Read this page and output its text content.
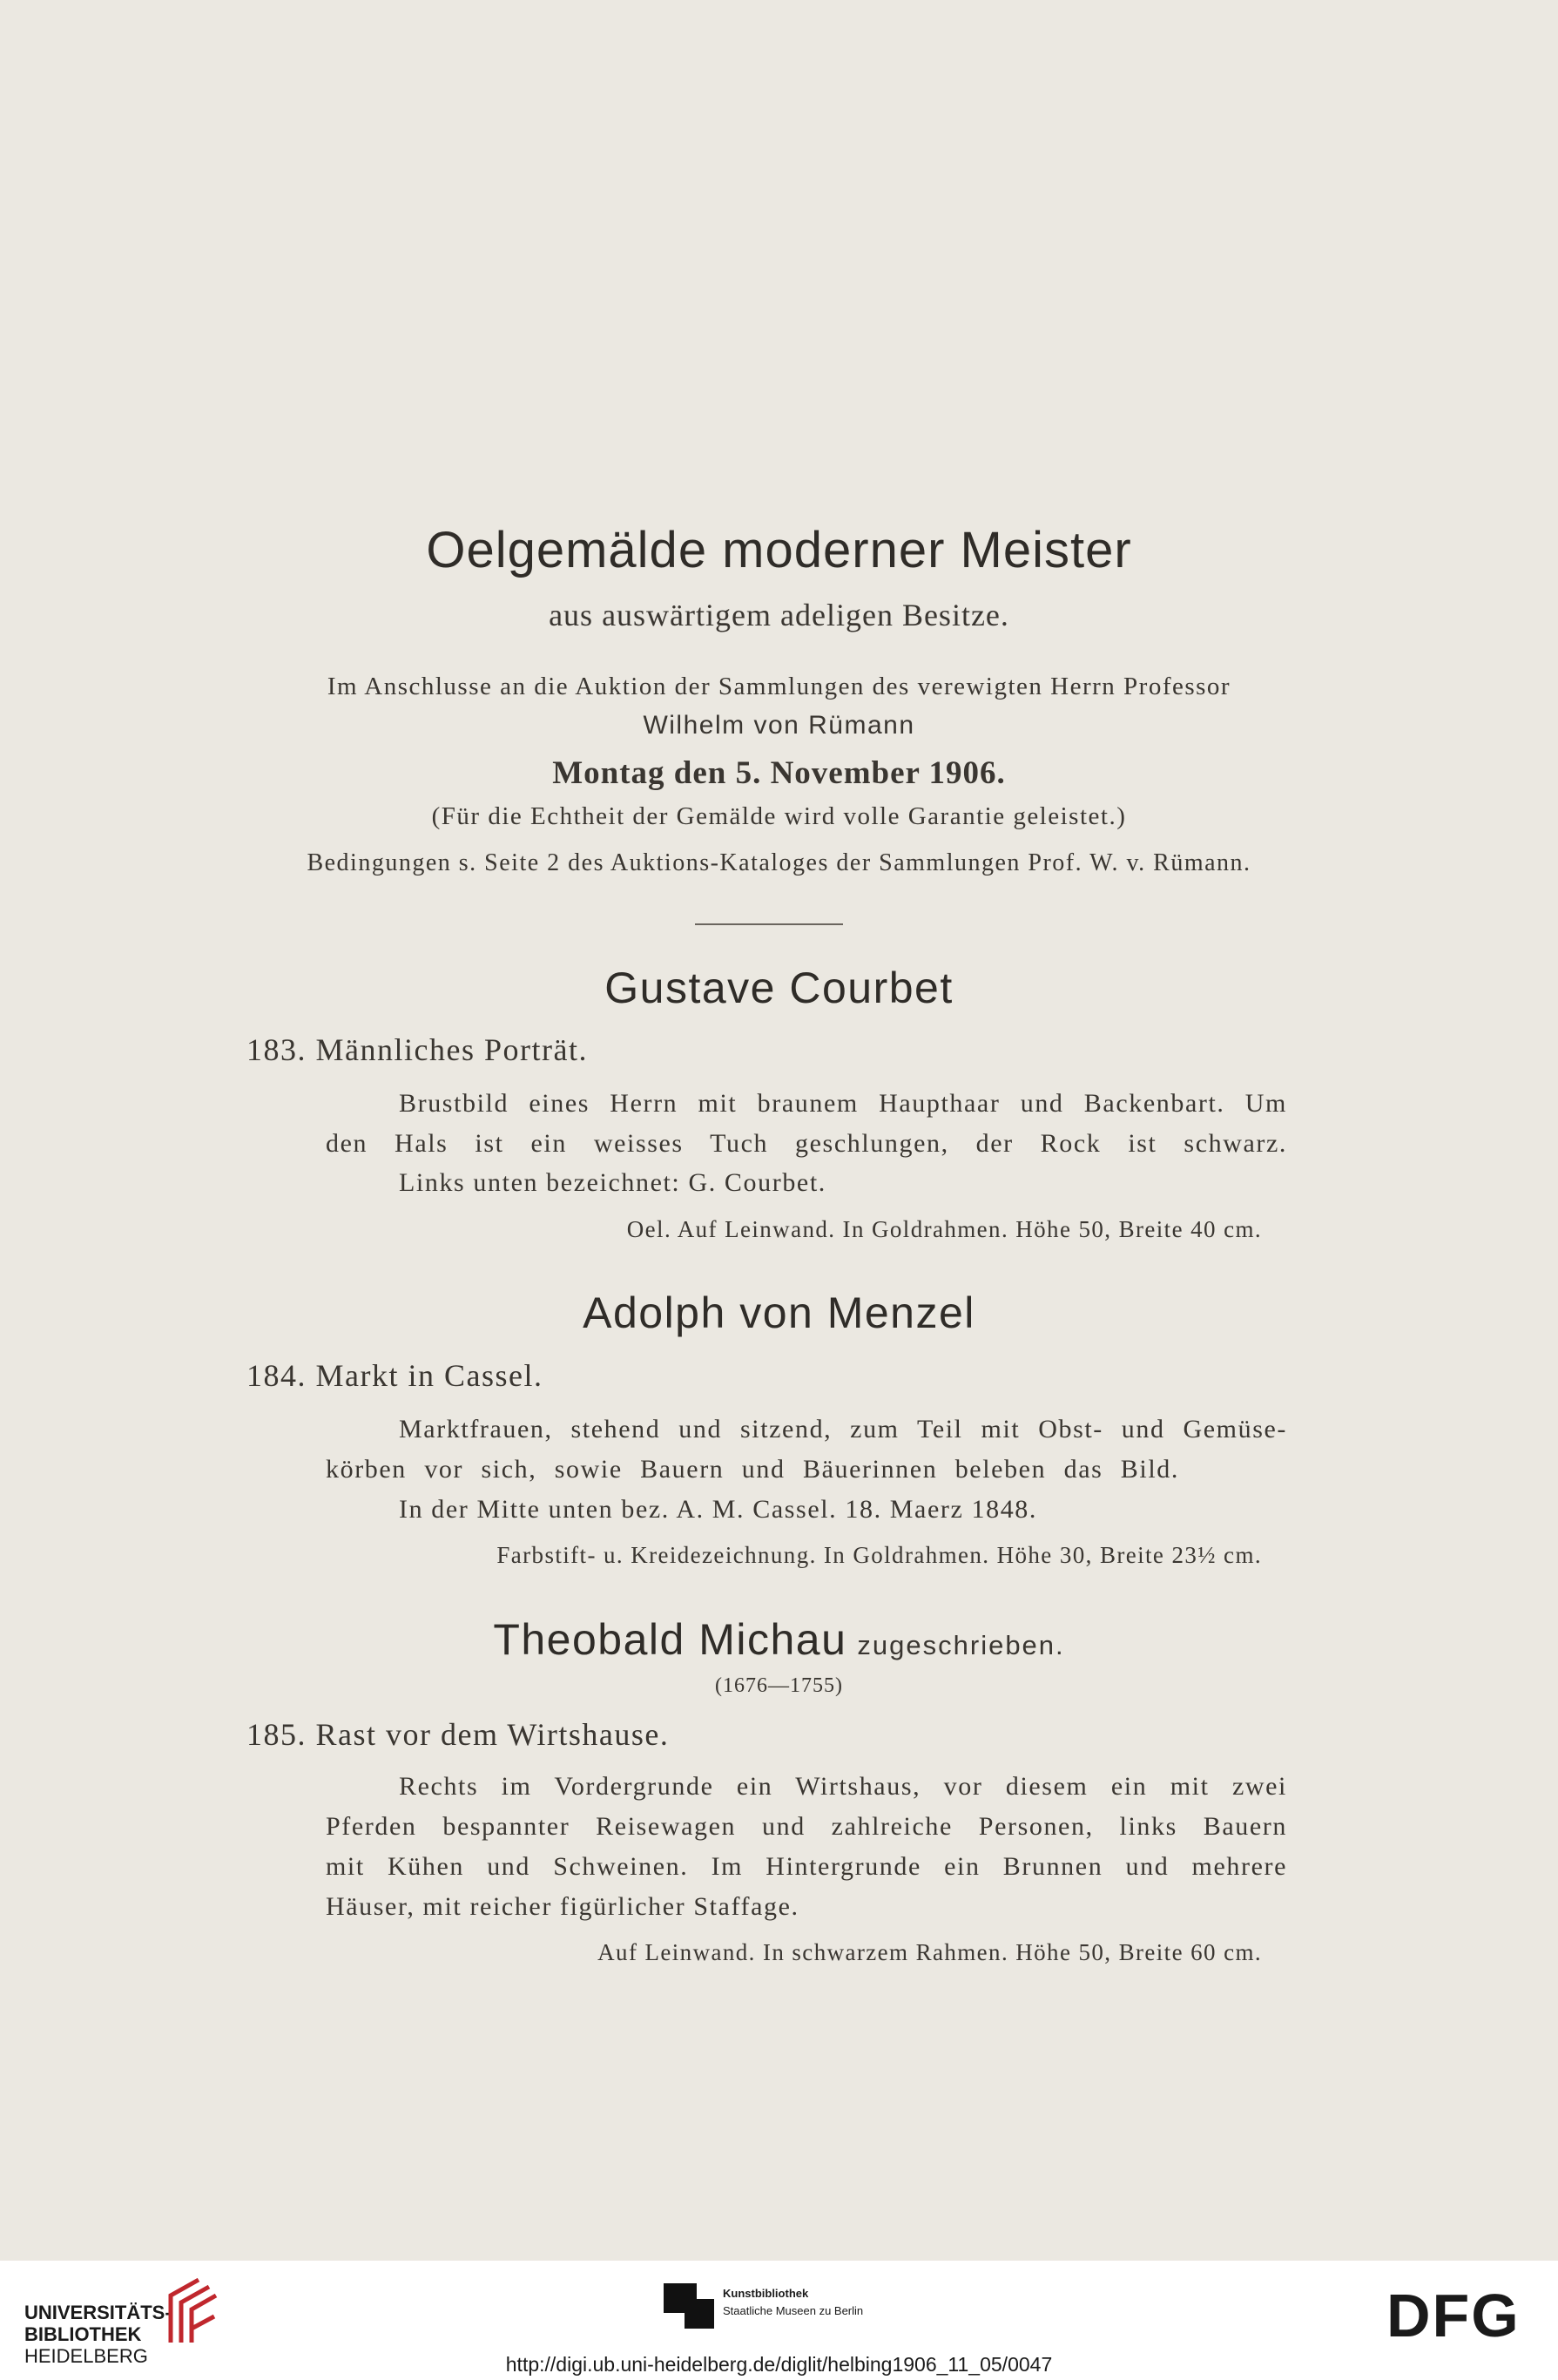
Oelgemälde moderner Meister
aus auswärtigem adeligen Besitze.
Im Anschlusse an die Auktion der Sammlungen des verewigten Herrn Professor
Wilhelm von Rümann
Montag den 5. November 1906.
(Für die Echtheit der Gemälde wird volle Garantie geleistet.)
Bedingungen s. Seite 2 des Auktions-Kataloges der Sammlungen Prof. W. v. Rümann.
Gustave Courbet
183. Männliches Porträt.
Brustbild eines Herrn mit braunem Haupthaar und Backenbart. Um
den Hals ist ein weisses Tuch geschlungen, der Rock ist schwarz.
Links unten bezeichnet: G. Courbet.
Oel. Auf Leinwand. In Goldrahmen. Höhe 50, Breite 40 cm.
Adolph von Menzel
184. Markt in Cassel.
Marktfrauen, stehend und sitzend, zum Teil mit Obst- und Gemüse-
körben vor sich, sowie Bauern und Bäuerinnen beleben das Bild.
In der Mitte unten bez. A. M. Cassel. 18. Maerz 1848.
Farbstift- u. Kreidezeichnung. In Goldrahmen. Höhe 30, Breite 23½ cm.
Theobald Michau zugeschrieben.
(1676—1755)
185. Rast vor dem Wirtshause.
Rechts im Vordergrunde ein Wirtshaus, vor diesem ein mit zwei
Pferden bespannter Reisewagen und zahlreiche Personen, links Bauern
mit Kühen und Schweinen. Im Hintergrunde ein Brunnen und mehrere
Häuser, mit reicher figürlicher Staffage.
Auf Leinwand. In schwarzem Rahmen. Höhe 50, Breite 60 cm.
UNIVERSITÄTS-
BIBLIOTHEK
HEIDELBERG
Kunstbibliothek
Staatliche Museen zu Berlin	DFG
http://digi.ub.uni-heidelberg.de/diglit/helbing1906_11_05/0047
